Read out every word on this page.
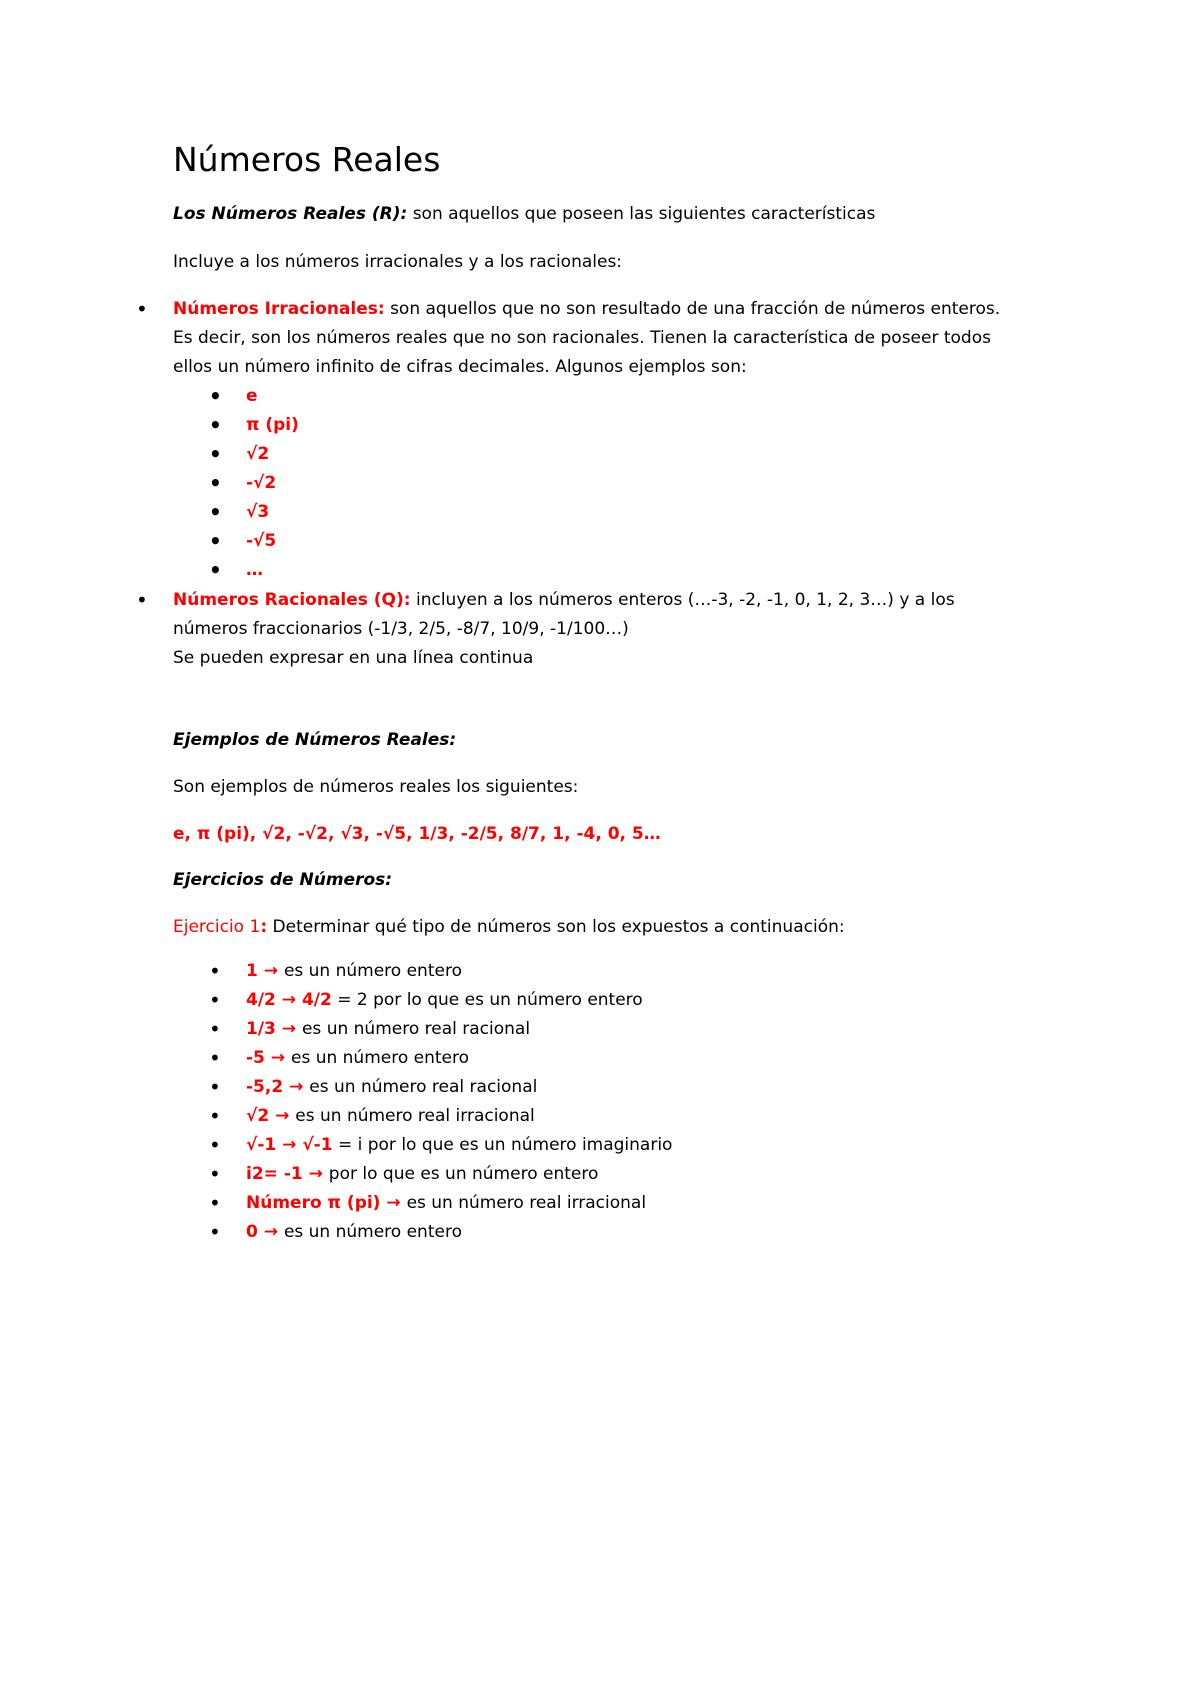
Números Reales

Los Números Reales (R): son aquellos que poseen las siguientes características

Incluye a los números irracionales y a los racionales:

• Números Irracionales: son aquellos que no son resultado de una fracción de números enteros.
Es decir, son los números reales que no son racionales. Tienen la característica de poseer todos
ellos un número infinito de cifras decimales. Algunos ejemplos son:
• e
• π (pi)
• √2
• -√2
• √3
• -√5
• …
• Números Racionales (Q): incluyen a los números enteros (…-3, -2, -1, 0, 1, 2, 3…) y a los
números fraccionarios (-1/3, 2/5, -8/7, 10/9, -1/100…)
Se pueden expresar en una línea continua

Ejemplos de Números Reales:

Son ejemplos de números reales los siguientes:

e, π (pi), √2, -√2, √3, -√5, 1/3, -2/5, 8/7, 1, -4, 0, 5…

Ejercicios de Números:

Ejercicio 1: Determinar qué tipo de números son los expuestos a continuación:

• 1 → es un número entero
• 4/2 → 4/2 = 2 por lo que es un número entero
• 1/3 → es un número real racional
• -5 → es un número entero
• -5,2 → es un número real racional
• √2 → es un número real irracional
• √-1 → √-1 = i por lo que es un número imaginario
• i2= -1 → por lo que es un número entero
• Número π (pi) → es un número real irracional
• 0 → es un número entero
